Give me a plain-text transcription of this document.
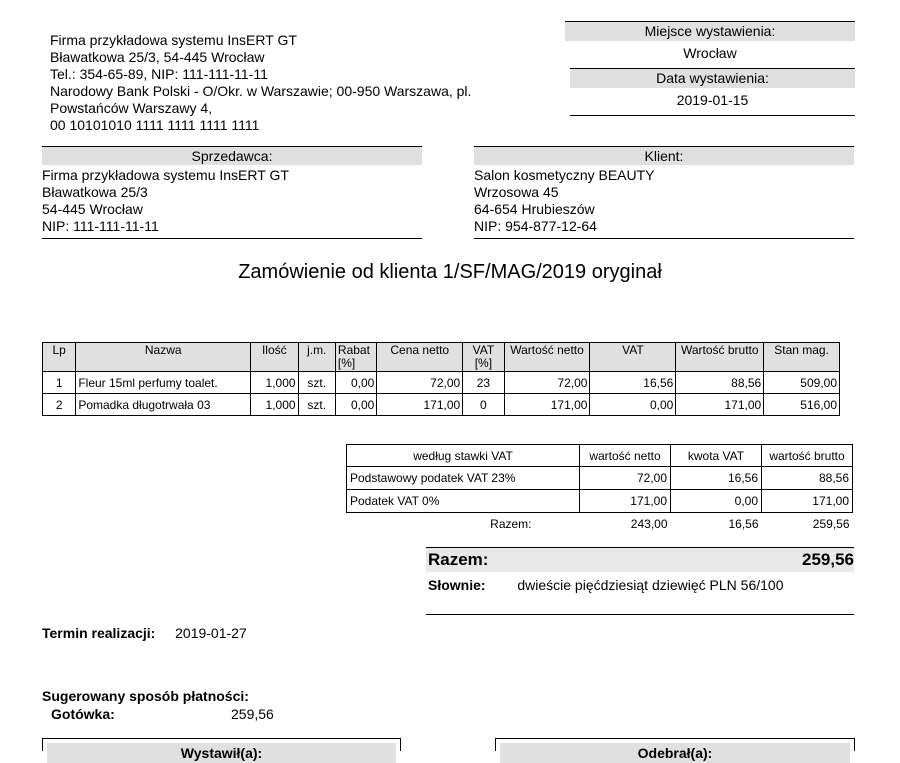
Firma przykładowa systemu InsERT GT
Bławatkowa 25/3, 54-445 Wrocław
Tel.: 354-65-89, NIP: 111-111-11-11
Narodowy Bank Polski - O/Okr. w Warszawie; 00-950 Warszawa, pl.
Powstańców Warszawy 4,
00 10101010 1111 1111 1111 1111
Miejsce wystawienia:
Wrocław
Data wystawienia:
2019-01-15
Sprzedawca:
Firma przykładowa systemu InsERT GT
Bławatkowa 25/3
54-445 Wrocław
NIP: 111-111-11-11
Klient:
Salon kosmetyczny BEAUTY
Wrzosowa 45
64-654 Hrubieszów
NIP: 954-877-12-64
Zamówienie od klienta 1/SF/MAG/2019 oryginał
Lp	Nazwa	Ilość	j.m.	Rabat [%]	Cena netto	VAT [%]	Wartość netto	VAT	Wartość brutto	Stan mag.
1	Fleur 15ml perfumy toalet.	1,000	szt.	0,00	72,00	23	72,00	16,56	88,56	509,00
2	Pomadka długotrwała 03	1,000	szt.	0,00	171,00	0	171,00	0,00	171,00	516,00
według stawki VAT	wartość netto	kwota VAT	wartość brutto
Podstawowy podatek VAT 23%	72,00	16,56	88,56
Podatek VAT 0%	171,00	0,00	171,00
Razem:	243,00	16,56	259,56
Razem:	259,56
Słownie: dwieście pięćdziesiąt dziewięć PLN 56/100
Termin realizacji: 2019-01-27
Sugerowany sposób płatności:
Gotówka:	259,56
Wystawił(a):	Odebrał(a):
